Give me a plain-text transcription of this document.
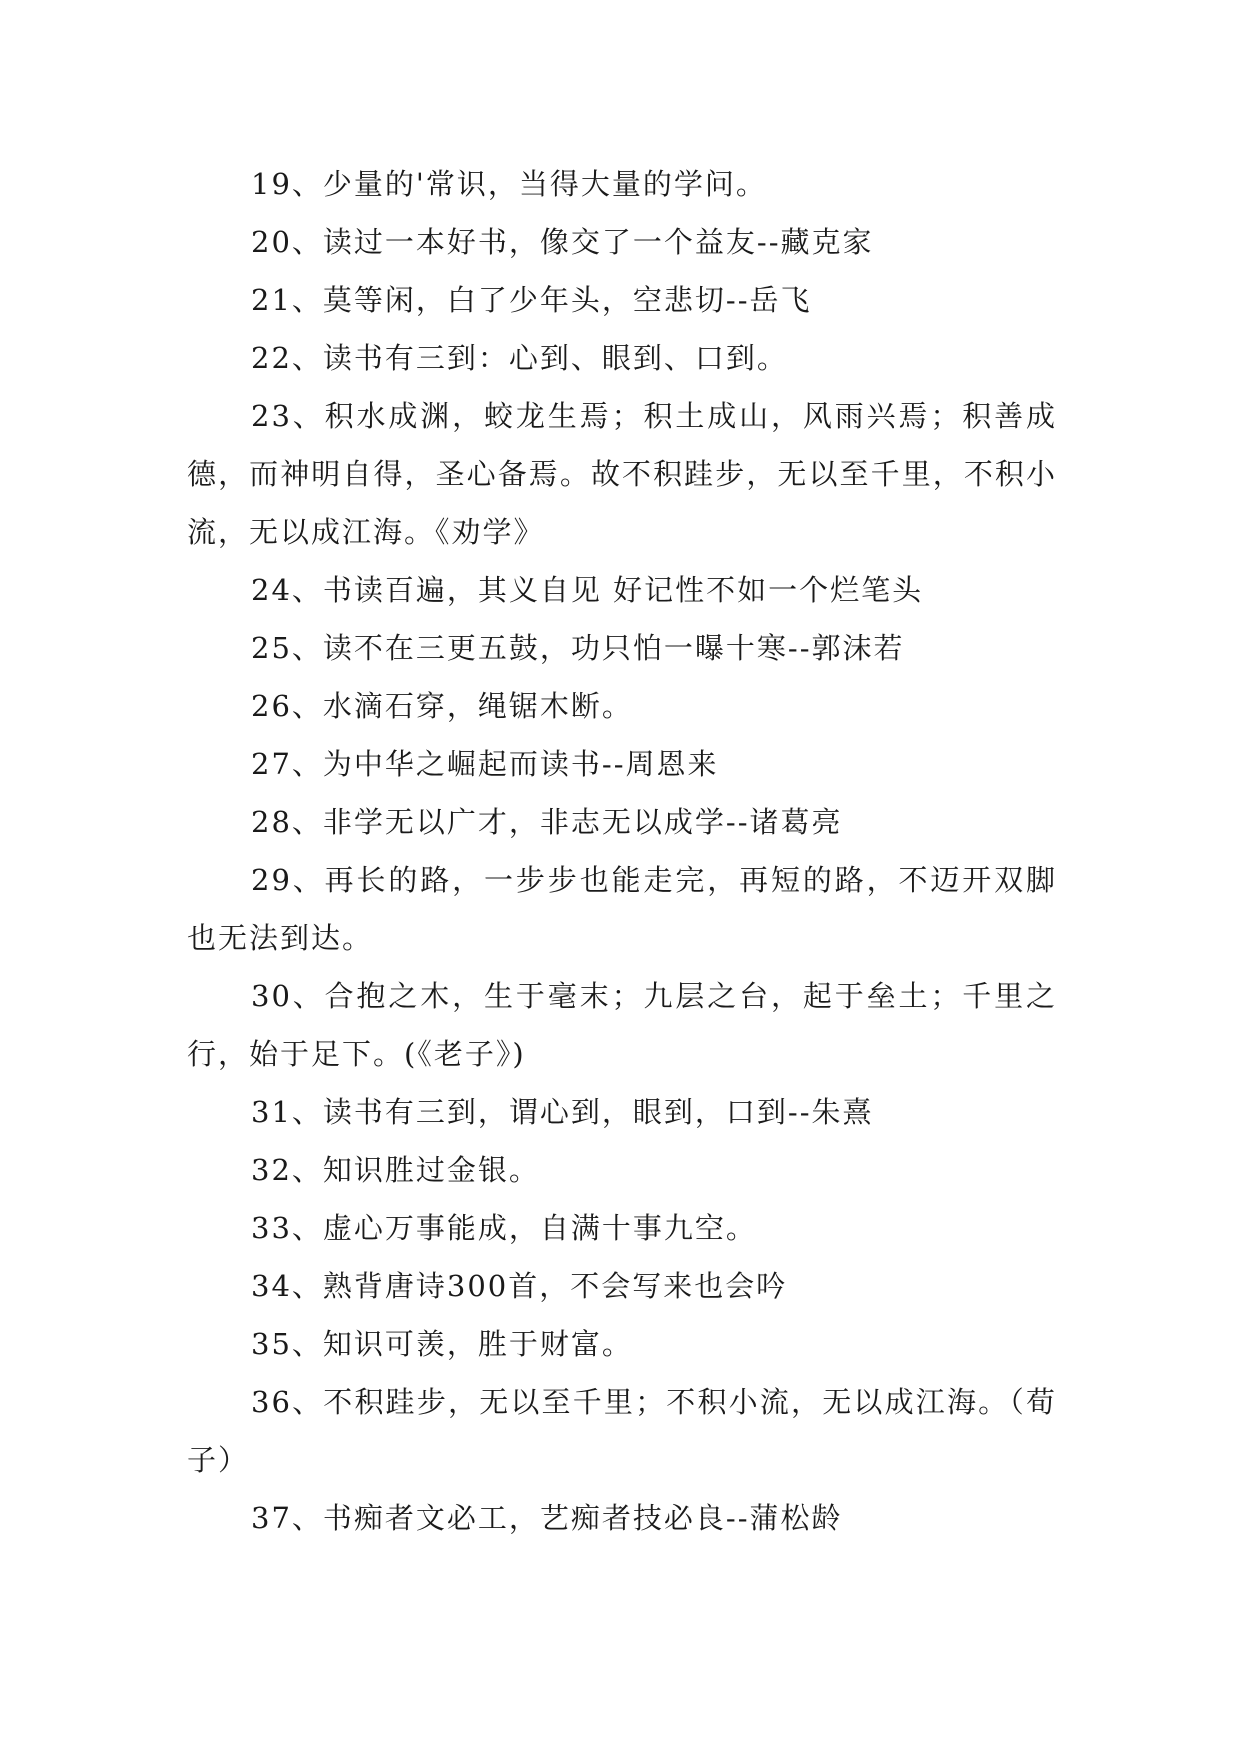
19、少量的'常识，当得大量的学问。

20、读过一本好书，像交了一个益友--藏克家

21、莫等闲，白了少年头，空悲切--岳飞

22、读书有三到：心到、眼到、口到。

23、积水成渊，蛟龙生焉；积土成山，风雨兴焉；积善成德，而神明自得，圣心备焉。故不积跬步，无以至千里，不积小流，无以成江海。《劝学》

24、书读百遍，其义自见 好记性不如一个烂笔头

25、读不在三更五鼓，功只怕一曝十寒--郭沫若

26、水滴石穿，绳锯木断。

27、为中华之崛起而读书--周恩来

28、非学无以广才，非志无以成学--诸葛亮

29、再长的路，一步步也能走完，再短的路，不迈开双脚也无法到达。

30、合抱之木，生于毫末；九层之台，起于垒土；千里之行，始于足下。(《老子》)

31、读书有三到，谓心到，眼到，口到--朱熹

32、知识胜过金银。

33、虚心万事能成，自满十事九空。

34、熟背唐诗300首，不会写来也会吟

35、知识可羡，胜于财富。

36、不积跬步，无以至千里；不积小流，无以成江海。（荀子）

37、书痴者文必工，艺痴者技必良--蒲松龄
